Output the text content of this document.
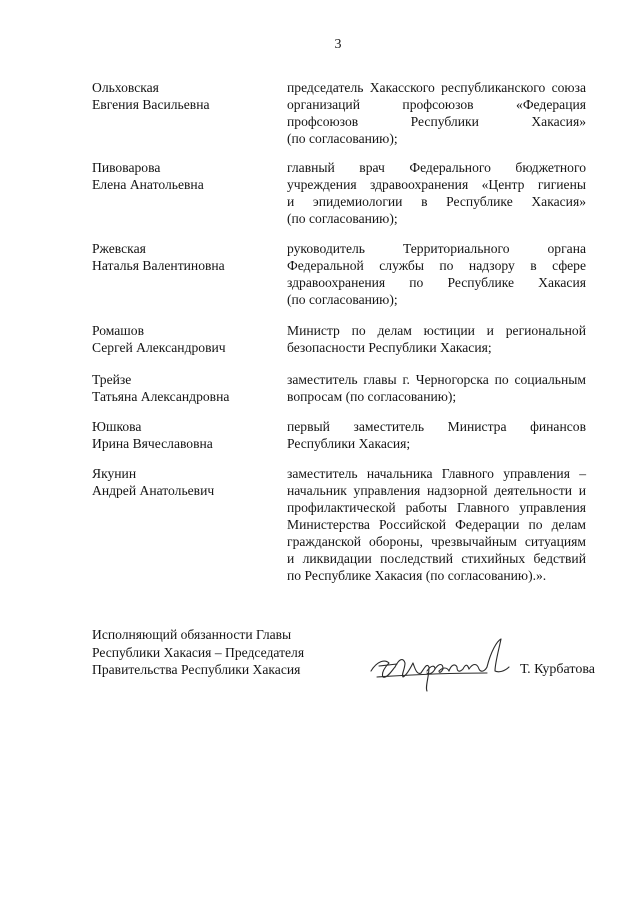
3
Ольховская
Евгения Васильевна
председатель Хакасского республиканского союза
организаций профсоюзов «Федерация
профсоюзов Республики Хакасия»
(по согласованию);
Пивоварова
Елена Анатольевна
главный врач Федерального бюджетного
учреждения здравоохранения «Центр гигиены
и эпидемиологии в Республике Хакасия»
(по согласованию);
Ржевская
Наталья Валентиновна
руководитель Территориального органа
Федеральной службы по надзору в сфере
здравоохранения по Республике Хакасия
(по согласованию);
Ромашов
Сергей Александрович
Министр по делам юстиции и региональной
безопасности Республики Хакасия;
Трейзе
Татьяна Александровна
заместитель главы г. Черногорска по социальным
вопросам (по согласованию);
Юшкова
Ирина Вячеславовна
первый заместитель Министра финансов
Республики Хакасия;
Якунин
Андрей Анатольевич
заместитель начальника Главного управления –
начальник управления надзорной деятельности и
профилактической работы Главного управления
Министерства Российской Федерации по делам
гражданской обороны, чрезвычайным ситуациям
и ликвидации последствий стихийных бедствий
по Республике Хакасия (по согласованию).».
Исполняющий обязанности Главы
Республики Хакасия – Председателя
Правительства Республики Хакасия	Т. Курбатова
